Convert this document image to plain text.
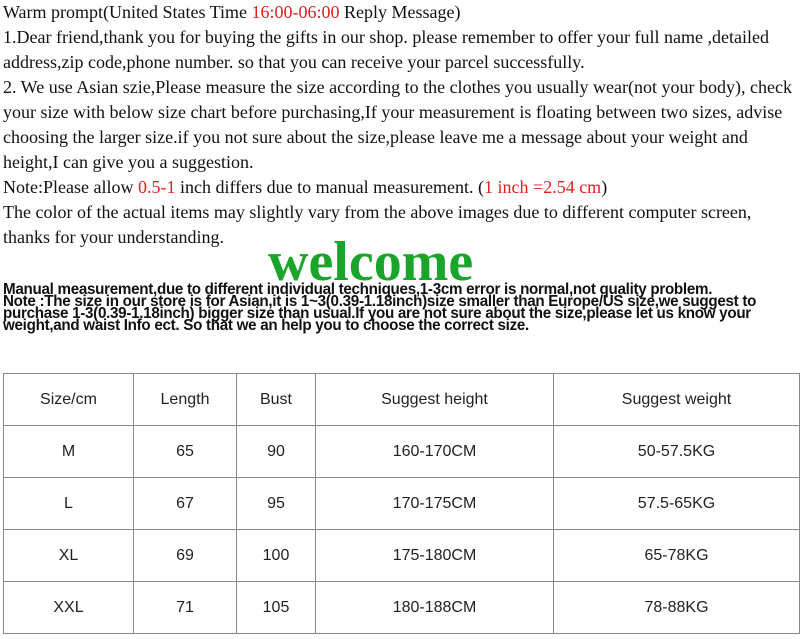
Warm prompt(United States Time 16:00-06:00 Reply Message)

1.Dear friend,thank you for buying the gifts in our shop. please remember to offer your full name ,detailed address,zip code,phone number. so that you can receive your parcel successfully.

2. We use Asian szie,Please measure the size according to the clothes you usually wear(not your body), check your size with below size chart before purchasing,If your measurement is floating between two sizes, advise choosing the larger size.if you not sure about the size,please leave me a message about your weight and height,I can give you a suggestion.

Note:Please allow 0.5-1 inch differs due to manual measurement. (1 inch =2.54 cm)

The color of the actual items may slightly vary from the above images due to different computer screen, thanks for your understanding. welcome

Manual measurement,due to different individual techniques,1-3cm error is normal,not quality problem.

Note :The size in our store is for Asian,it is 1~3(0.39-1.18inch)size smaller than Europe/US size,we suggest to purchase 1-3(0.39-1.18inch) bigger size than usual.If you are not sure about the size,please let us know your weight,and waist Info ect. So that we an help you to choose the correct size.

Size/cm	Length	Bust	Suggest height	Suggest weight
M	65	90	160-170CM	50-57.5KG
L	67	95	170-175CM	57.5-65KG
XL	69	100	175-180CM	65-78KG
XXL	71	105	180-188CM	78-88KG
